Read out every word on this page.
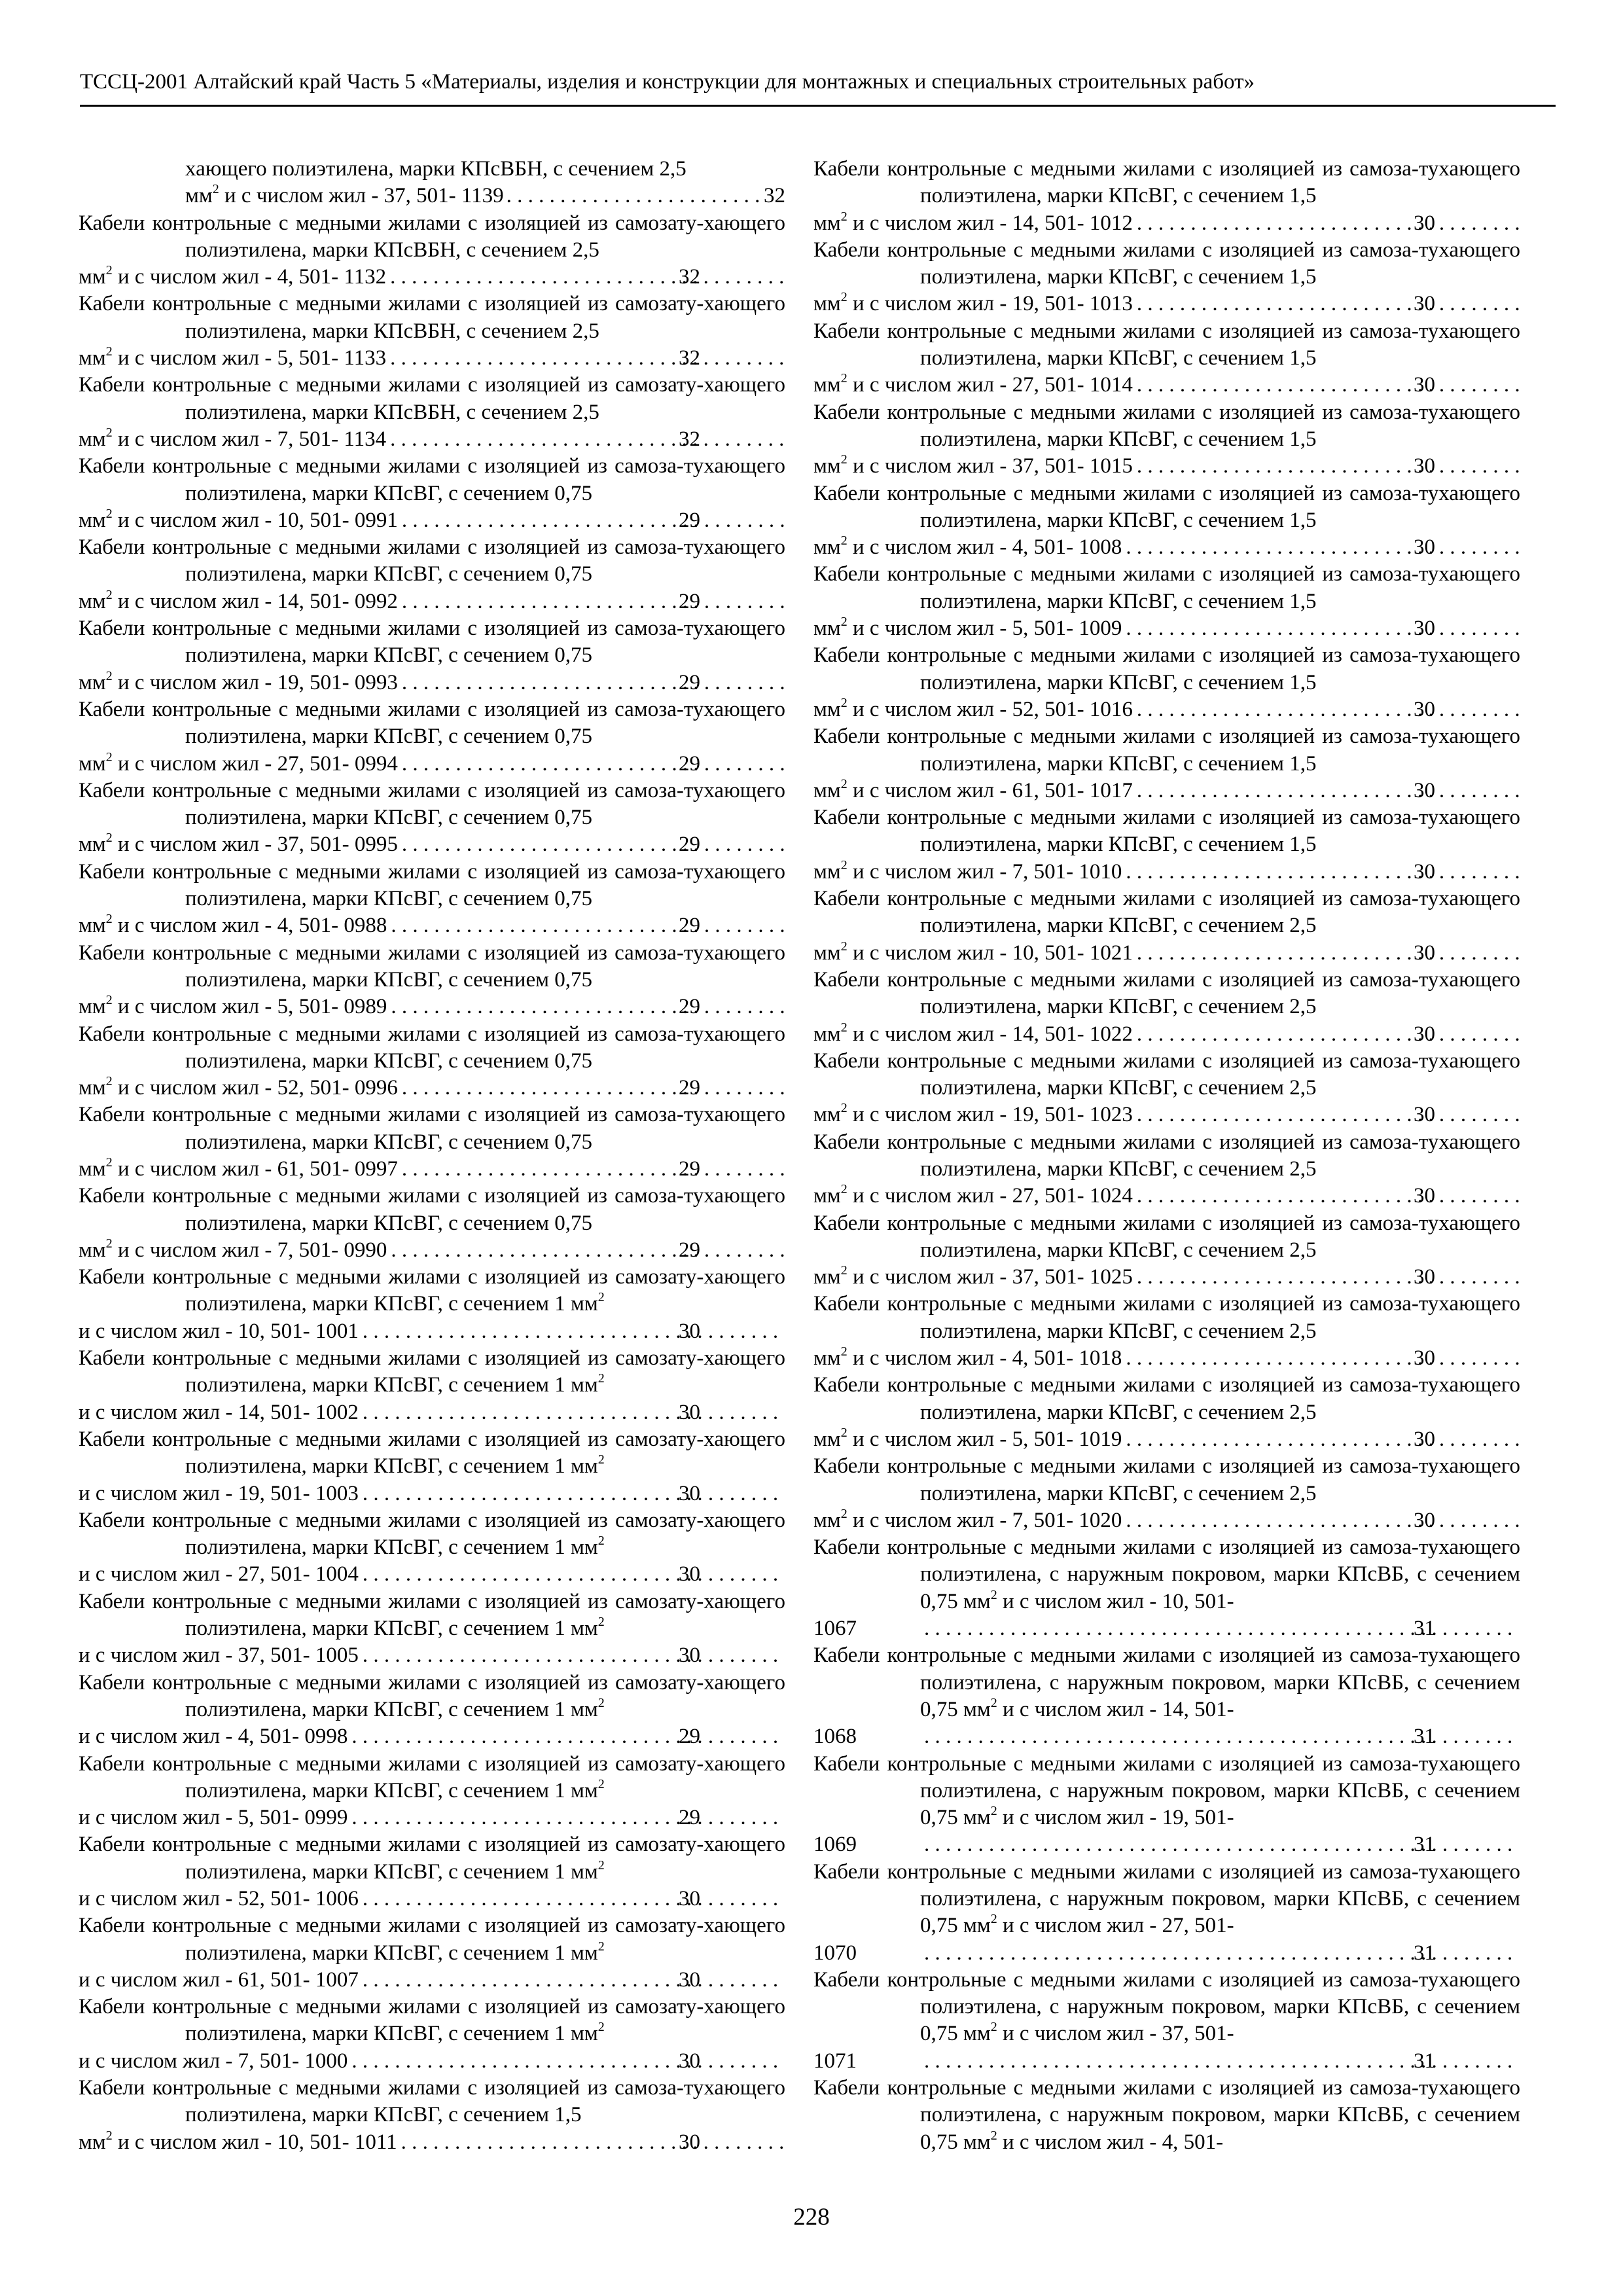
ТССЦ-2001 Алтайский край Часть 5 «Материалы, изделия и конструкции для монтажных и специальных строительных работ»

хающего полиэтилена, марки КПсВБН, с сечением 2,5
$мм^2$ и с числом жил - 37, 501- 1139 . . .	32

Кабели контрольные с медными жилами с изоляцией из самозату-хающего полиэтилена, марки КПсВБН, с сечением 2,5
$мм^2$ и с числом жил - 4, 501- 1132 . . .	32

Кабели контрольные с медными жилами с изоляцией из самозату-хающего полиэтилена, марки КПсВБН, с сечением 2,5
$мм^2$ и с числом жил - 5, 501- 1133 . . .	32

Кабели контрольные с медными жилами с изоляцией из самозату-хающего полиэтилена, марки КПсВБН, с сечением 2,5
$мм^2$ и с числом жил - 7, 501- 1134 . . .	32

Кабели контрольные с медными жилами с изоляцией из самоза-тухающего полиэтилена, марки КПсВГ, с сечением 0,75
$мм^2$ и с числом жил - 10, 501- 0991 . . .	29

Кабели контрольные с медными жилами с изоляцией из самоза-тухающего полиэтилена, марки КПсВГ, с сечением 0,75
$мм^2$ и с числом жил - 14, 501- 0992 . . .	29

Кабели контрольные с медными жилами с изоляцией из самоза-тухающего полиэтилена, марки КПсВГ, с сечением 0,75
$мм^2$ и с числом жил - 19, 501- 0993 . . .	29

Кабели контрольные с медными жилами с изоляцией из самоза-тухающего полиэтилена, марки КПсВГ, с сечением 0,75
$мм^2$ и с числом жил - 27, 501- 0994 . . .	29

Кабели контрольные с медными жилами с изоляцией из самоза-тухающего полиэтилена, марки КПсВГ, с сечением 0,75
$мм^2$ и с числом жил - 37, 501- 0995 . . .	29

Кабели контрольные с медными жилами с изоляцией из самоза-тухающего полиэтилена, марки КПсВГ, с сечением 0,75
$мм^2$ и с числом жил - 4, 501- 0988 . . .	29

Кабели контрольные с медными жилами с изоляцией из самоза-тухающего полиэтилена, марки КПсВГ, с сечением 0,75
$мм^2$ и с числом жил - 5, 501- 0989 . . .	29

Кабели контрольные с медными жилами с изоляцией из самоза-тухающего полиэтилена, марки КПсВГ, с сечением 0,75
$мм^2$ и с числом жил - 52, 501- 0996 . . .	29

Кабели контрольные с медными жилами с изоляцией из самоза-тухающего полиэтилена, марки КПсВГ, с сечением 0,75
$мм^2$ и с числом жил - 61, 501- 0997 . . .	29

Кабели контрольные с медными жилами с изоляцией из самоза-тухающего полиэтилена, марки КПсВГ, с сечением 0,75
$мм^2$ и с числом жил - 7, 501- 0990 . . .	29

Кабели контрольные с медными жилами с изоляцией из самозату-хающего полиэтилена, марки КПсВГ, с сечением 1 $мм^2$
и с числом жил - 10, 501- 1001 . . .	30

Кабели контрольные с медными жилами с изоляцией из самозату-хающего полиэтилена, марки КПсВГ, с сечением 1 $мм^2$
и с числом жил - 14, 501- 1002 . . .	30

Кабели контрольные с медными жилами с изоляцией из самозату-хающего полиэтилена, марки КПсВГ, с сечением 1 $мм^2$
и с числом жил - 19, 501- 1003 . . .	30

Кабели контрольные с медными жилами с изоляцией из самозату-хающего полиэтилена, марки КПсВГ, с сечением 1 $мм^2$
и с числом жил - 27, 501- 1004 . . .	30

Кабели контрольные с медными жилами с изоляцией из самозату-хающего полиэтилена, марки КПсВГ, с сечением 1 $мм^2$
и с числом жил - 37, 501- 1005 . . .	30

Кабели контрольные с медными жилами с изоляцией из самозату-хающего полиэтилена, марки КПсВГ, с сечением 1 $мм^2$
и с числом жил - 4, 501- 0998 . . .	29

Кабели контрольные с медными жилами с изоляцией из самозату-хающего полиэтилена, марки КПсВГ, с сечением 1 $мм^2$
и с числом жил - 5, 501- 0999 . . .	29

Кабели контрольные с медными жилами с изоляцией из самозату-хающего полиэтилена, марки КПсВГ, с сечением 1 $мм^2$
и с числом жил - 52, 501- 1006 . . .	30

Кабели контрольные с медными жилами с изоляцией из самозату-хающего полиэтилена, марки КПсВГ, с сечением 1 $мм^2$
и с числом жил - 61, 501- 1007 . . .	30

Кабели контрольные с медными жилами с изоляцией из самозату-хающего полиэтилена, марки КПсВГ, с сечением 1 $мм^2$
и с числом жил - 7, 501- 1000 . . .	30

Кабели контрольные с медными жилами с изоляцией из самоза-тухающего полиэтилена, марки КПсВГ, с сечением 1,5
$мм^2$ и с числом жил - 10, 501- 1011 . . .	30

Кабели контрольные с медными жилами с изоляцией из самоза-тухающего полиэтилена, марки КПсВГ, с сечением 1,5
$мм^2$ и с числом жил - 14, 501- 1012 . . .	30

Кабели контрольные с медными жилами с изоляцией из самоза-тухающего полиэтилена, марки КПсВГ, с сечением 1,5
$мм^2$ и с числом жил - 19, 501- 1013 . . .	30

Кабели контрольные с медными жилами с изоляцией из самоза-тухающего полиэтилена, марки КПсВГ, с сечением 1,5
$мм^2$ и с числом жил - 27, 501- 1014 . . .	30

Кабели контрольные с медными жилами с изоляцией из самоза-тухающего полиэтилена, марки КПсВГ, с сечением 1,5
$мм^2$ и с числом жил - 37, 501- 1015 . . .	30

Кабели контрольные с медными жилами с изоляцией из самоза-тухающего полиэтилена, марки КПсВГ, с сечением 1,5
$мм^2$ и с числом жил - 4, 501- 1008 . . .	30

Кабели контрольные с медными жилами с изоляцией из самоза-тухающего полиэтилена, марки КПсВГ, с сечением 1,5
$мм^2$ и с числом жил - 5, 501- 1009 . . .	30

Кабели контрольные с медными жилами с изоляцией из самоза-тухающего полиэтилена, марки КПсВГ, с сечением 1,5
$мм^2$ и с числом жил - 52, 501- 1016 . . .	30

Кабели контрольные с медными жилами с изоляцией из самоза-тухающего полиэтилена, марки КПсВГ, с сечением 1,5
$мм^2$ и с числом жил - 61, 501- 1017 . . .	30

Кабели контрольные с медными жилами с изоляцией из самоза-тухающего полиэтилена, марки КПсВГ, с сечением 1,5
$мм^2$ и с числом жил - 7, 501- 1010 . . .	30

Кабели контрольные с медными жилами с изоляцией из самоза-тухающего полиэтилена, марки КПсВГ, с сечением 2,5
$мм^2$ и с числом жил - 10, 501- 1021 . . .	30

Кабели контрольные с медными жилами с изоляцией из самоза-тухающего полиэтилена, марки КПсВГ, с сечением 2,5
$мм^2$ и с числом жил - 14, 501- 1022 . . .	30

Кабели контрольные с медными жилами с изоляцией из самоза-тухающего полиэтилена, марки КПсВГ, с сечением 2,5
$мм^2$ и с числом жил - 19, 501- 1023 . . .	30

Кабели контрольные с медными жилами с изоляцией из самоза-тухающего полиэтилена, марки КПсВГ, с сечением 2,5
$мм^2$ и с числом жил - 27, 501- 1024 . . .	30

Кабели контрольные с медными жилами с изоляцией из самоза-тухающего полиэтилена, марки КПсВГ, с сечением 2,5
$мм^2$ и с числом жил - 37, 501- 1025 . . .	30

Кабели контрольные с медными жилами с изоляцией из самоза-тухающего полиэтилена, марки КПсВГ, с сечением 2,5
$мм^2$ и с числом жил - 4, 501- 1018 . . .	30

Кабели контрольные с медными жилами с изоляцией из самоза-тухающего полиэтилена, марки КПсВГ, с сечением 2,5
$мм^2$ и с числом жил - 5, 501- 1019 . . .	30

Кабели контрольные с медными жилами с изоляцией из самоза-тухающего полиэтилена, марки КПсВГ, с сечением 2,5
$мм^2$ и с числом жил - 7, 501- 1020 . . .	30

Кабели контрольные с медными жилами с изоляцией из самоза-тухающего полиэтилена, с наружным покровом, марки КПсВБ, с сечением 0,75 $мм^2$ и с числом жил - 10, 501-
1067 . . .	31

Кабели контрольные с медными жилами с изоляцией из самоза-тухающего полиэтилена, с наружным покровом, марки КПсВБ, с сечением 0,75 $мм^2$ и с числом жил - 14, 501-
1068 . . .	31

Кабели контрольные с медными жилами с изоляцией из самоза-тухающего полиэтилена, с наружным покровом, марки КПсВБ, с сечением 0,75 $мм^2$ и с числом жил - 19, 501-
1069 . . .	31

Кабели контрольные с медными жилами с изоляцией из самоза-тухающего полиэтилена, с наружным покровом, марки КПсВБ, с сечением 0,75 $мм^2$ и с числом жил - 27, 501-
1070 . . .	31

Кабели контрольные с медными жилами с изоляцией из самоза-тухающего полиэтилена, с наружным покровом, марки КПсВБ, с сечением 0,75 $мм^2$ и с числом жил - 37, 501-
1071 . . .	31

Кабели контрольные с медными жилами с изоляцией из самоза-тухающего полиэтилена, с наружным покровом, марки КПсВБ, с сечением 0,75 $мм^2$ и с числом жил - 4, 501-

228
